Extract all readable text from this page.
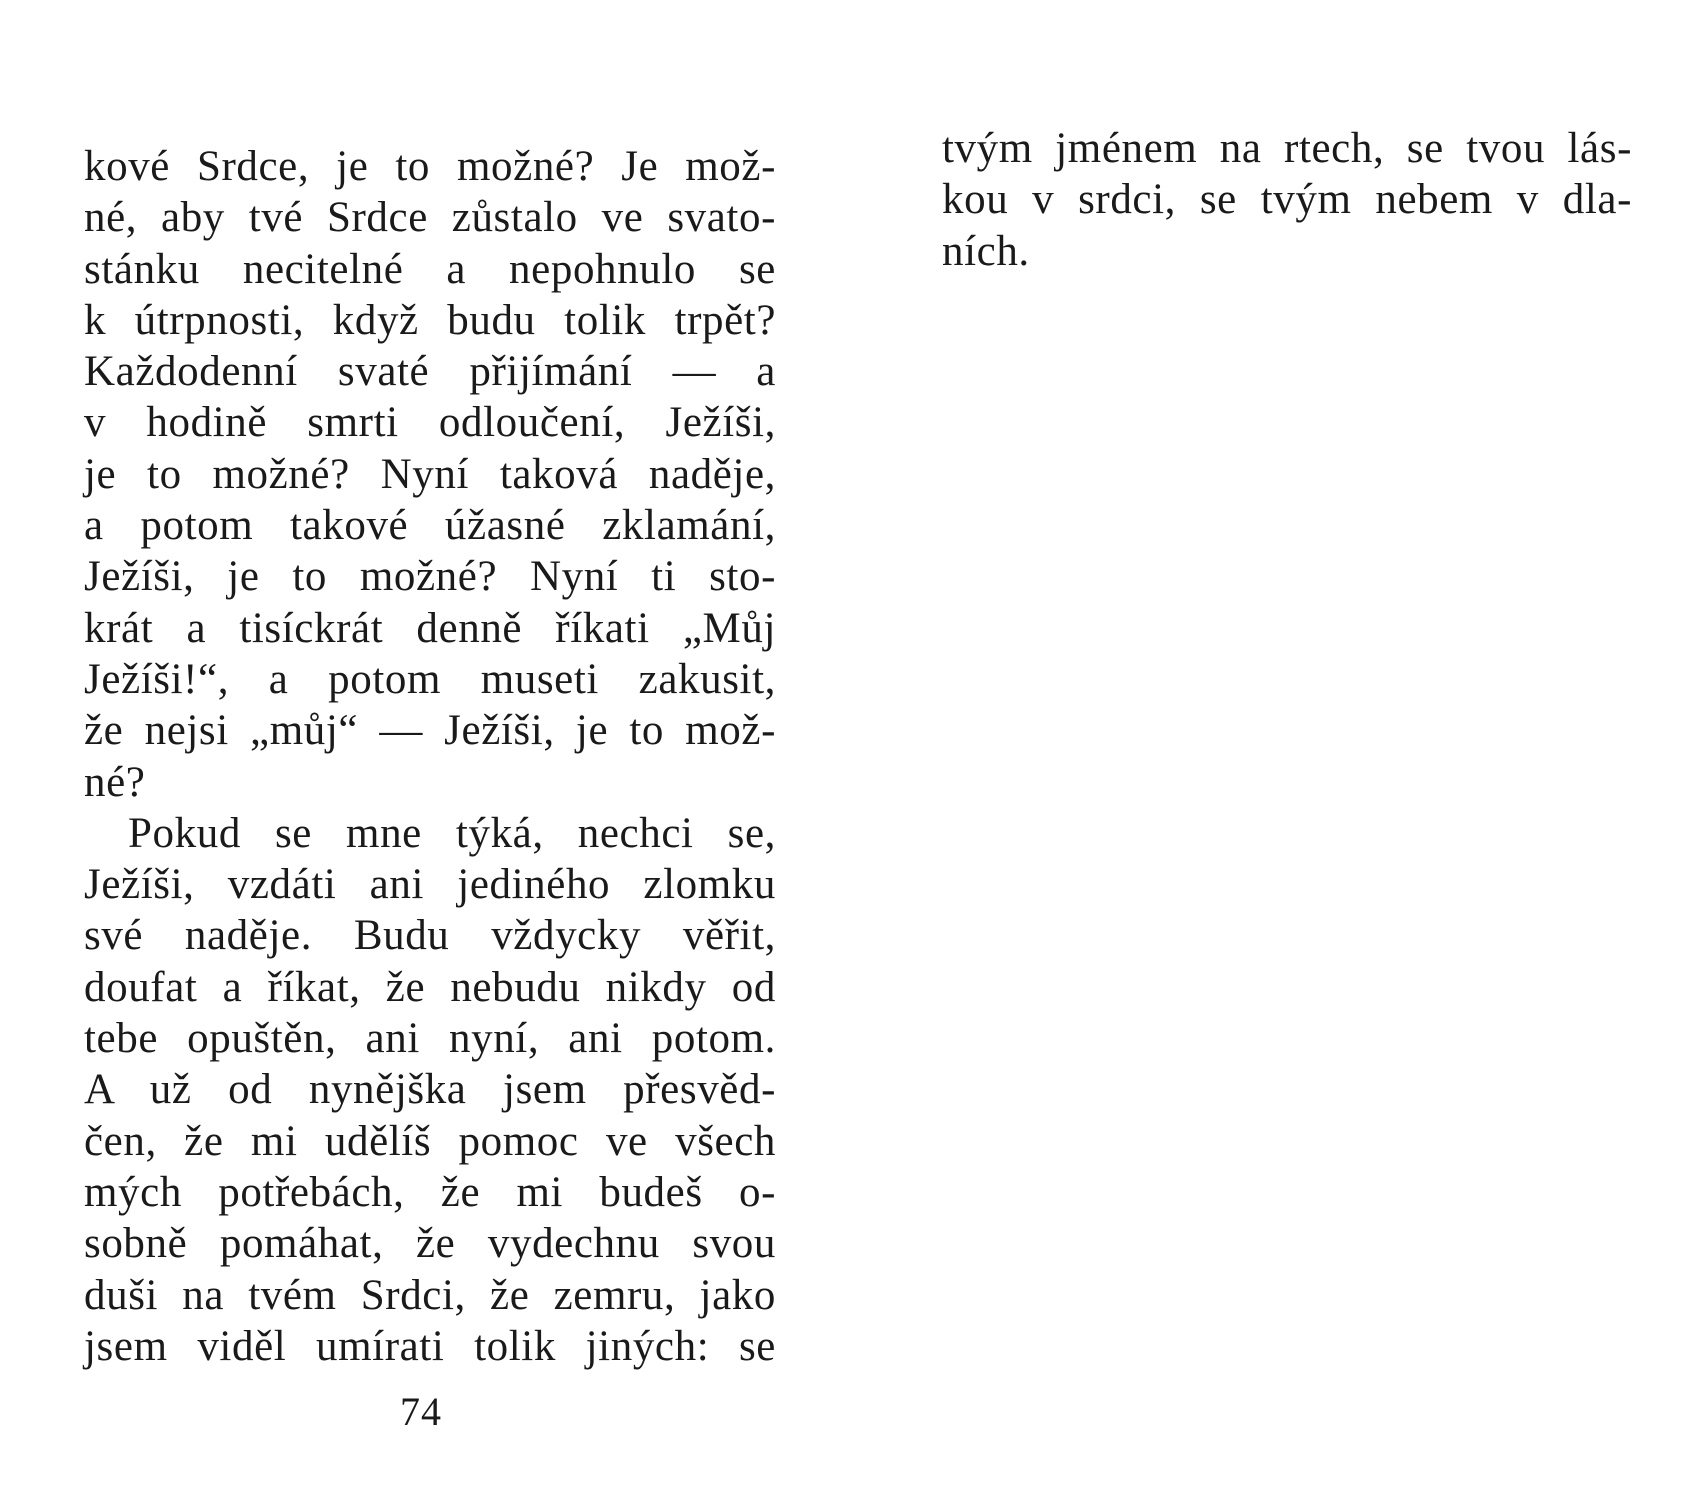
kové Srdce, je to možné? Je mož-
né, aby tvé Srdce zůstalo ve svato-
stánku necitelné a nepohnulo se
k útrpnosti, když budu tolik trpět?
Každodenní svaté přijímání — a
v hodině smrti odloučení, Ježíši,
je to možné? Nyní taková naděje,
a potom takové úžasné zklamání,
Ježíši, je to možné? Nyní ti sto-
krát a tisíckrát denně říkati „Můj
Ježíši!“, a potom museti zakusit,
že nejsi „můj“ — Ježíši, je to mož-
né?
Pokud se mne týká, nechci se,
Ježíši, vzdáti ani jediného zlomku
své naděje. Budu vždycky věřit,
doufat a říkat, že nebudu nikdy od
tebe opuštěn, ani nyní, ani potom.
A už od nynějška jsem přesvěd-
čen, že mi udělíš pomoc ve všech
mých potřebách, že mi budeš o-
sobně pomáhat, že vydechnu svou
duši na tvém Srdci, že zemru, jako
jsem viděl umírati tolik jiných: se
74
tvým jménem na rtech, se tvou lás-
kou v srdci, se tvým nebem v dla-
ních.
